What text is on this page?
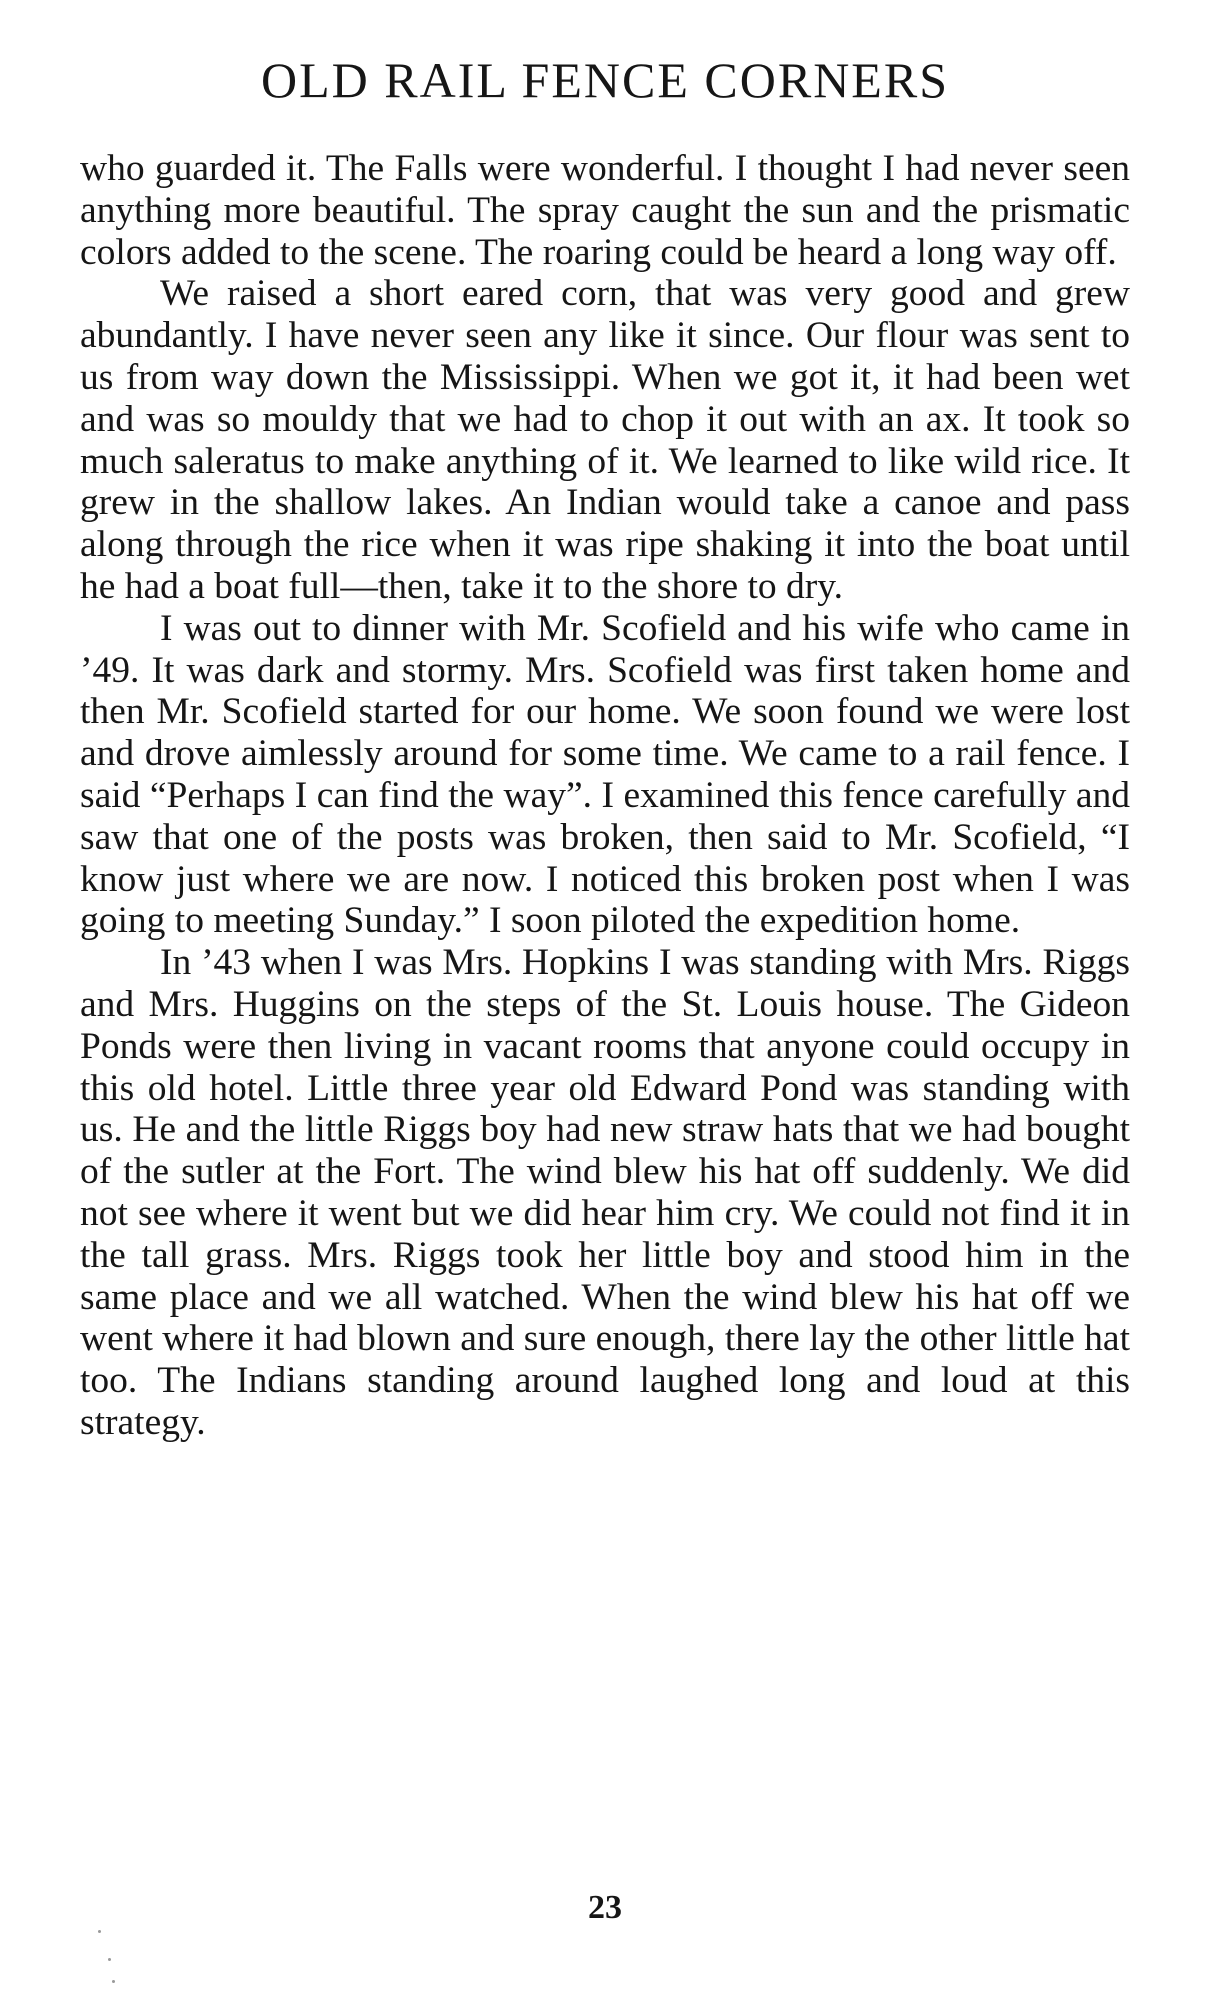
OLD RAIL FENCE CORNERS

who guarded it. The Falls were wonderful. I thought I had never seen anything more beautiful. The spray caught the sun and the prismatic colors added to the scene. The roaring could be heard a long way off.

We raised a short eared corn, that was very good and grew abundantly. I have never seen any like it since. Our flour was sent to us from way down the Mississippi. When we got it, it had been wet and was so mouldy that we had to chop it out with an ax. It took so much saleratus to make anything of it. We learned to like wild rice. It grew in the shallow lakes. An Indian would take a canoe and pass along through the rice when it was ripe shaking it into the boat until he had a boat full—then, take it to the shore to dry.

I was out to dinner with Mr. Scofield and his wife who came in ’49. It was dark and stormy. Mrs. Scofield was first taken home and then Mr. Scofield started for our home. We soon found we were lost and drove aimlessly around for some time. We came to a rail fence. I said “Perhaps I can find the way”. I examined this fence carefully and saw that one of the posts was broken, then said to Mr. Scofield, “I know just where we are now. I noticed this broken post when I was going to meeting Sunday.” I soon piloted the expedition home.

In ’43 when I was Mrs. Hopkins I was standing with Mrs. Riggs and Mrs. Huggins on the steps of the St. Louis house. The Gideon Ponds were then living in vacant rooms that anyone could occupy in this old hotel. Little three year old Edward Pond was standing with us. He and the little Riggs boy had new straw hats that we had bought of the sutler at the Fort. The wind blew his hat off suddenly. We did not see where it went but we did hear him cry. We could not find it in the tall grass. Mrs. Riggs took her little boy and stood him in the same place and we all watched. When the wind blew his hat off we went where it had blown and sure enough, there lay the other little hat too. The Indians standing around laughed long and loud at this strategy.

23
